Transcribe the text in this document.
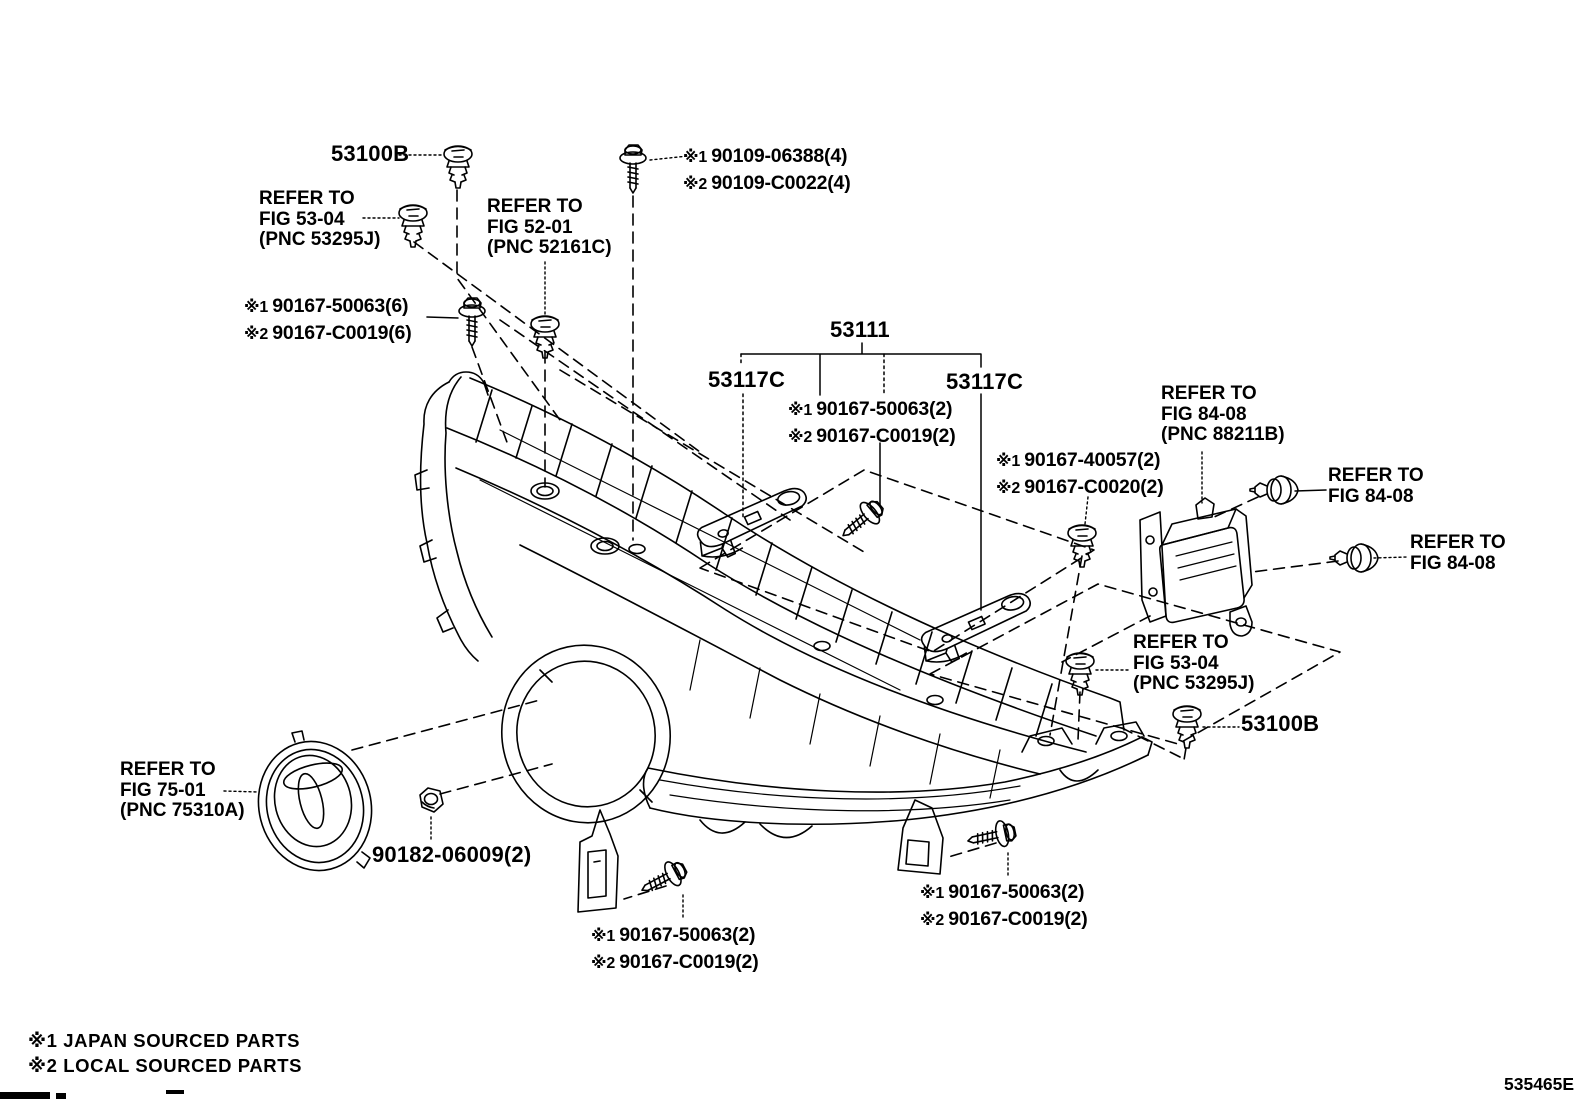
53100B
REFER TO
FIG 53-04
(PNC 53295J)
REFER TO
FIG 52-01
(PNC 52161C)
※1 90109-06388(4)
※2 90109-C0022(4)
※1 90167-50063(6)
※2 90167-C0019(6)	53111
53117C	53117C
※1 90167-50063(2)
※2 90167-C0019(2)
※1 90167-40057(2)
※2 90167-C0020(2)
REFER TO
FIG 84-08
(PNC 88211B)
REFER TO
FIG 84-08
REFER TO
FIG 84-08
REFER TO
FIG 53-04
(PNC 53295J)
53100B
REFER TO
FIG 75-01
(PNC 75310A)
90182-06009(2)
※1 90167-50063(2)
※2 90167-C0019(2)
※1 90167-50063(2)
※2 90167-C0019(2)
※1 JAPAN SOURCED PARTS
※2 LOCAL SOURCED PARTS
535465E
